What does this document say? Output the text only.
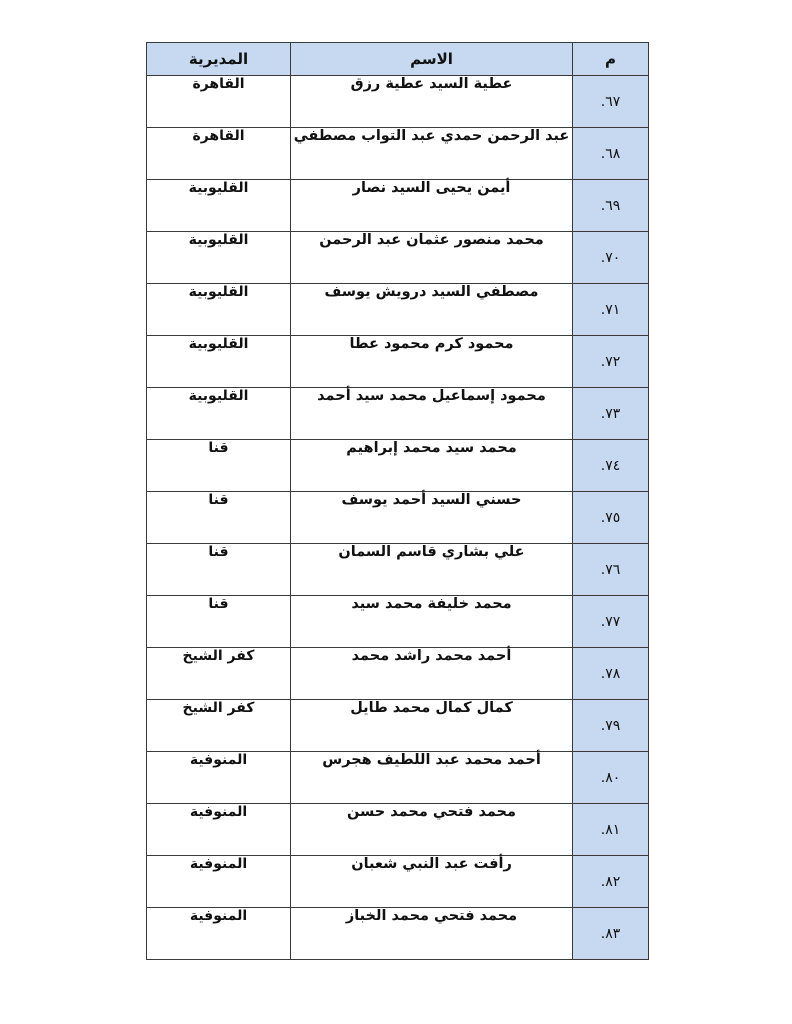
م	الاسم	المديرية
٦٧.	عطية السيد عطية رزق	القاهرة
٦٨.	عبد الرحمن حمدي عبد التواب مصطفي	القاهرة
٦٩.	أيمن يحيى السيد نصار	القليوبية
٧٠.	محمد منصور عثمان عبد الرحمن	القليوبية
٧١.	مصطفي السيد درويش يوسف	القليوبية
٧٢.	محمود كرم محمود عطا	القليوبية
٧٣.	محمود إسماعيل محمد سيد أحمد	القليوبية
٧٤.	محمد سيد محمد إبراهيم	قنا
٧٥.	حسني السيد أحمد يوسف	قنا
٧٦.	علي بشاري قاسم السمان	قنا
٧٧.	محمد خليفة محمد سيد	قنا
٧٨.	أحمد محمد راشد محمد	كفر الشيخ
٧٩.	كمال كمال محمد طايل	كفر الشيخ
٨٠.	أحمد محمد عبد اللطيف هجرس	المنوفية
٨١.	محمد فتحي محمد حسن	المنوفية
٨٢.	رأفت عبد النبي شعبان	المنوفية
٨٣.	محمد فتحي محمد الخباز	المنوفية
